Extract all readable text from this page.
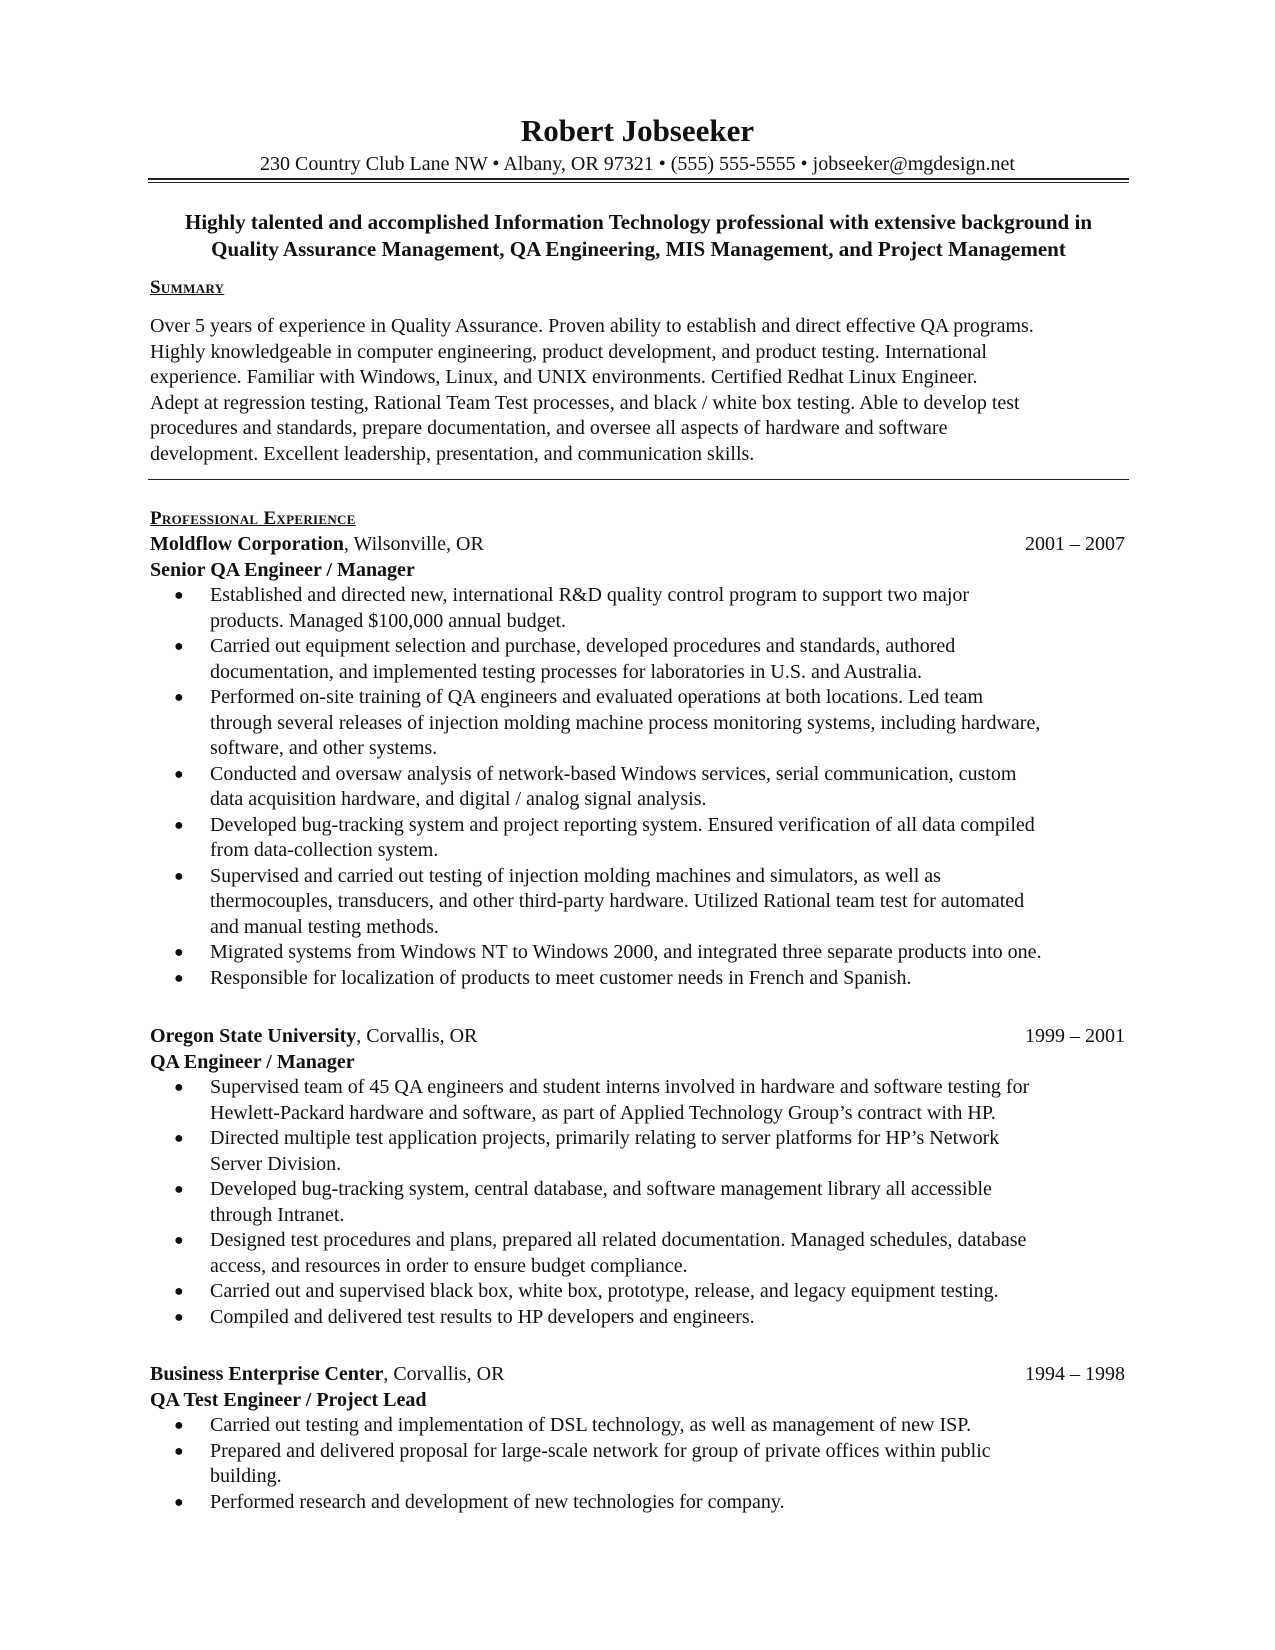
Robert Jobseeker
230 Country Club Lane NW • Albany, OR 97321 • (555) 555-5555 • jobseeker@mgdesign.net
Highly talented and accomplished Information Technology professional with extensive background in
Quality Assurance Management, QA Engineering, MIS Management, and Project Management
Summary
Over 5 years of experience in Quality Assurance. Proven ability to establish and direct effective QA programs.
Highly knowledgeable in computer engineering, product development, and product testing. International
experience. Familiar with Windows, Linux, and UNIX environments. Certified Redhat Linux Engineer.
Adept at regression testing, Rational Team Test processes, and black / white box testing. Able to develop test
procedures and standards, prepare documentation, and oversee all aspects of hardware and software
development. Excellent leadership, presentation, and communication skills.
Professional Experience
Moldflow Corporation, Wilsonville, OR	2001 – 2007
Senior QA Engineer / Manager
● Established and directed new, international R&D quality control program to support two major
products. Managed $100,000 annual budget.
● Carried out equipment selection and purchase, developed procedures and standards, authored
documentation, and implemented testing processes for laboratories in U.S. and Australia.
● Performed on-site training of QA engineers and evaluated operations at both locations. Led team
through several releases of injection molding machine process monitoring systems, including hardware,
software, and other systems.
● Conducted and oversaw analysis of network-based Windows services, serial communication, custom
data acquisition hardware, and digital / analog signal analysis.
● Developed bug-tracking system and project reporting system. Ensured verification of all data compiled
from data-collection system.
● Supervised and carried out testing of injection molding machines and simulators, as well as
thermocouples, transducers, and other third-party hardware. Utilized Rational team test for automated
and manual testing methods.
● Migrated systems from Windows NT to Windows 2000, and integrated three separate products into one.
● Responsible for localization of products to meet customer needs in French and Spanish.
Oregon State University, Corvallis, OR	1999 – 2001
QA Engineer / Manager
● Supervised team of 45 QA engineers and student interns involved in hardware and software testing for
Hewlett-Packard hardware and software, as part of Applied Technology Group’s contract with HP.
● Directed multiple test application projects, primarily relating to server platforms for HP’s Network
Server Division.
● Developed bug-tracking system, central database, and software management library all accessible
through Intranet.
● Designed test procedures and plans, prepared all related documentation. Managed schedules, database
access, and resources in order to ensure budget compliance.
● Carried out and supervised black box, white box, prototype, release, and legacy equipment testing.
● Compiled and delivered test results to HP developers and engineers.
Business Enterprise Center, Corvallis, OR	1994 – 1998
QA Test Engineer / Project Lead
● Carried out testing and implementation of DSL technology, as well as management of new ISP.
● Prepared and delivered proposal for large-scale network for group of private offices within public
building.
● Performed research and development of new technologies for company.
